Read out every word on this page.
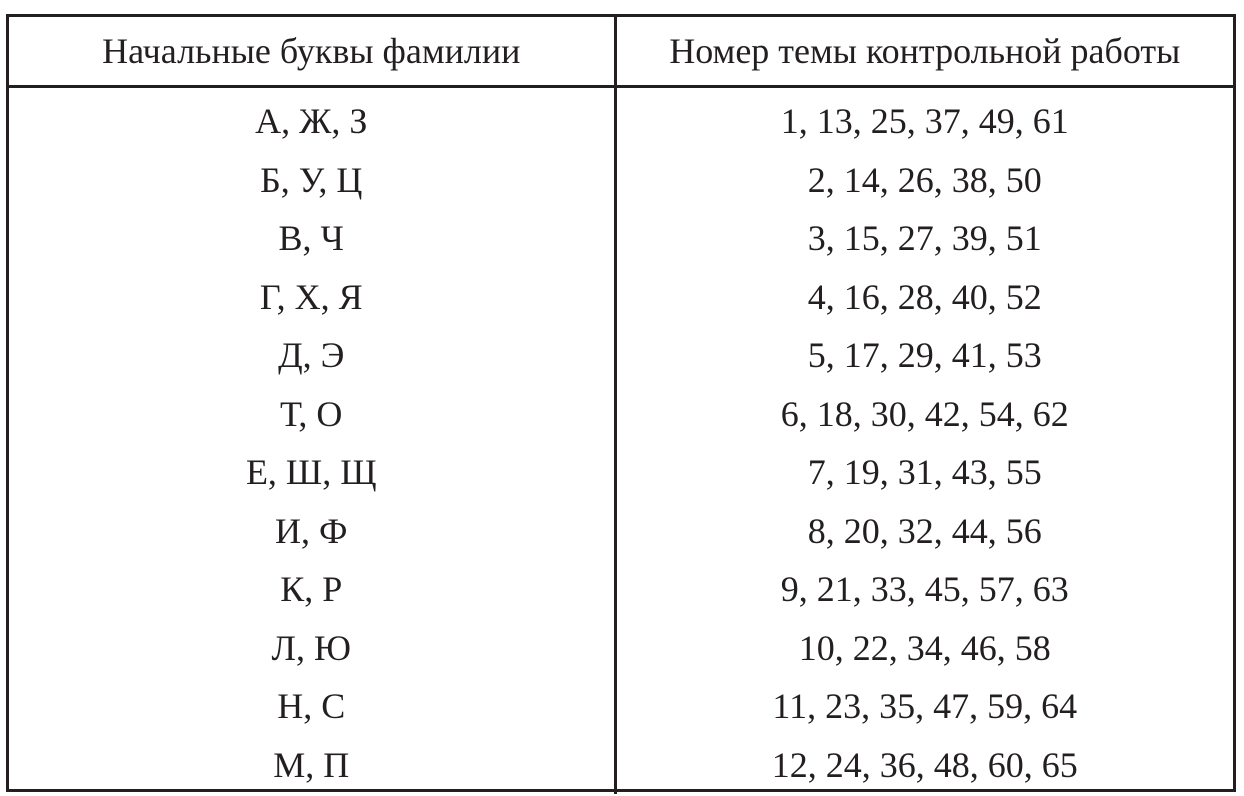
Начальные буквы фамилии	Номер темы контрольной работы
А, Ж, З	1, 13, 25, 37, 49, 61
Б, У, Ц	2, 14, 26, 38, 50
В, Ч	3, 15, 27, 39, 51
Г, Х, Я	4, 16, 28, 40, 52
Д, Э	5, 17, 29, 41, 53
Т, О	6, 18, 30, 42, 54, 62
Е, Ш, Щ	7, 19, 31, 43, 55
И, Ф	8, 20, 32, 44, 56
К, Р	9, 21, 33, 45, 57, 63
Л, Ю	10, 22, 34, 46, 58
Н, С	11, 23, 35, 47, 59, 64
М, П	12, 24, 36, 48, 60, 65
